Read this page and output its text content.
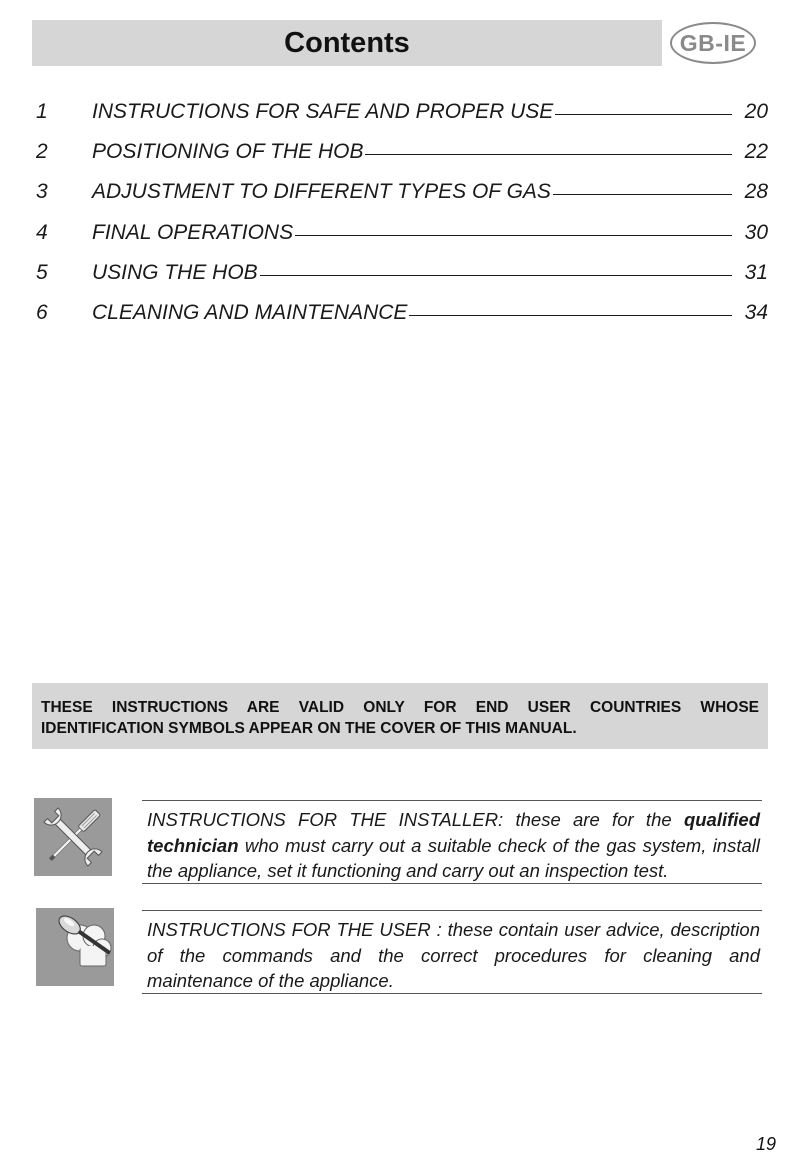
Contents	GB-IE
1	INSTRUCTIONS FOR SAFE AND PROPER USE	20
2	POSITIONING OF THE HOB	22
3	ADJUSTMENT TO DIFFERENT TYPES OF GAS	28
4	FINAL OPERATIONS	30
5	USING THE HOB	31
6	CLEANING AND MAINTENANCE	34
THESE INSTRUCTIONS ARE VALID ONLY FOR END USER COUNTRIES WHOSE
IDENTIFICATION SYMBOLS APPEAR ON THE COVER OF THIS MANUAL.
INSTRUCTIONS FOR THE INSTALLER: these are for the qualified technician who must carry out a suitable check of the gas system, install the appliance, set it functioning and carry out an inspection test.
INSTRUCTIONS FOR THE USER : these contain user advice, description of the commands and the correct procedures for cleaning and maintenance of the appliance.
19
